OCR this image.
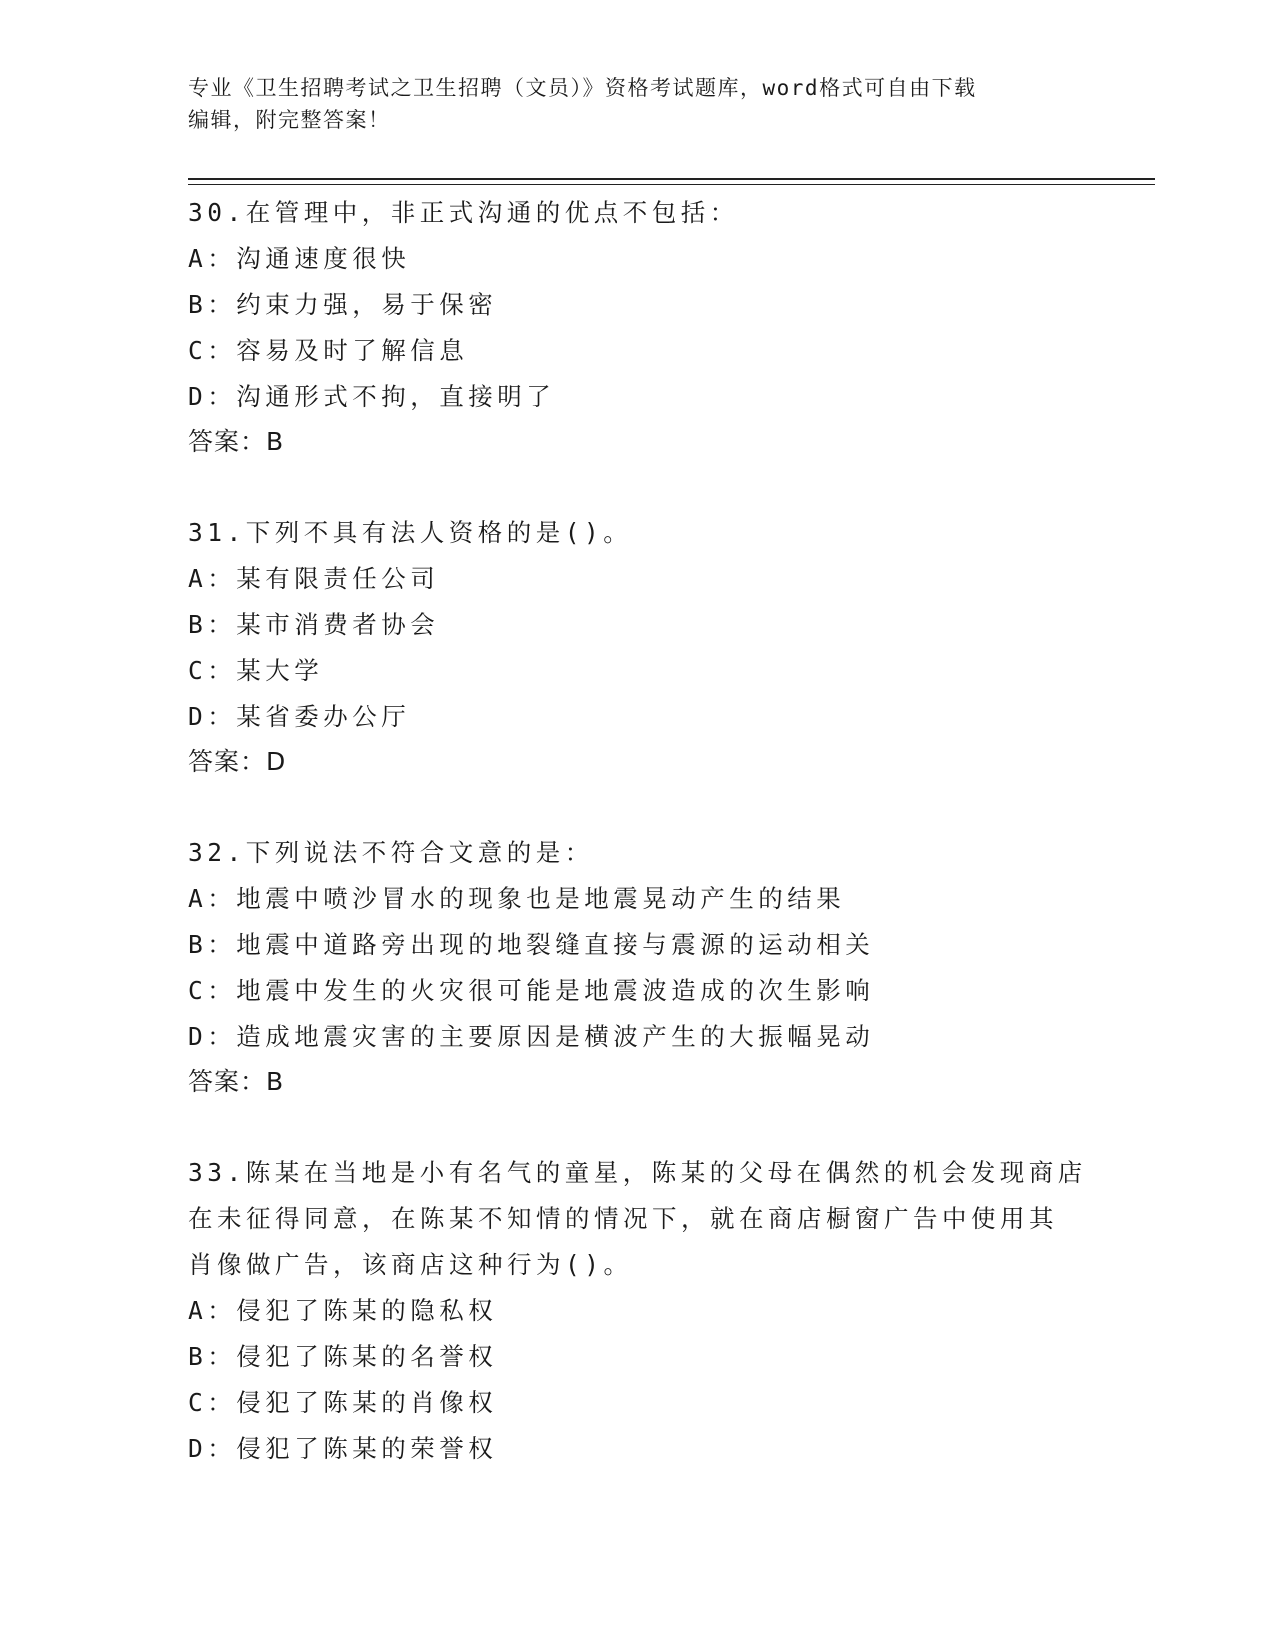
专业《卫生招聘考试之卫生招聘（文员）》资格考试题库，word格式可自由下载
编辑，附完整答案！

30.在管理中，非正式沟通的优点不包括：

A：沟通速度很快

B：约束力强，易于保密

C：容易及时了解信息

D：沟通形式不拘，直接明了

答案：B

31.下列不具有法人资格的是()。

A：某有限责任公司

B：某市消费者协会

C：某大学

D：某省委办公厅

答案：D

32.下列说法不符合文意的是：

A：地震中喷沙冒水的现象也是地震晃动产生的结果

B：地震中道路旁出现的地裂缝直接与震源的运动相关

C：地震中发生的火灾很可能是地震波造成的次生影响

D：造成地震灾害的主要原因是横波产生的大振幅晃动

答案：B

33.陈某在当地是小有名气的童星，陈某的父母在偶然的机会发现商店

在未征得同意，在陈某不知情的情况下，就在商店橱窗广告中使用其

肖像做广告，该商店这种行为()。

A：侵犯了陈某的隐私权

B：侵犯了陈某的名誉权

C：侵犯了陈某的肖像权

D：侵犯了陈某的荣誉权
